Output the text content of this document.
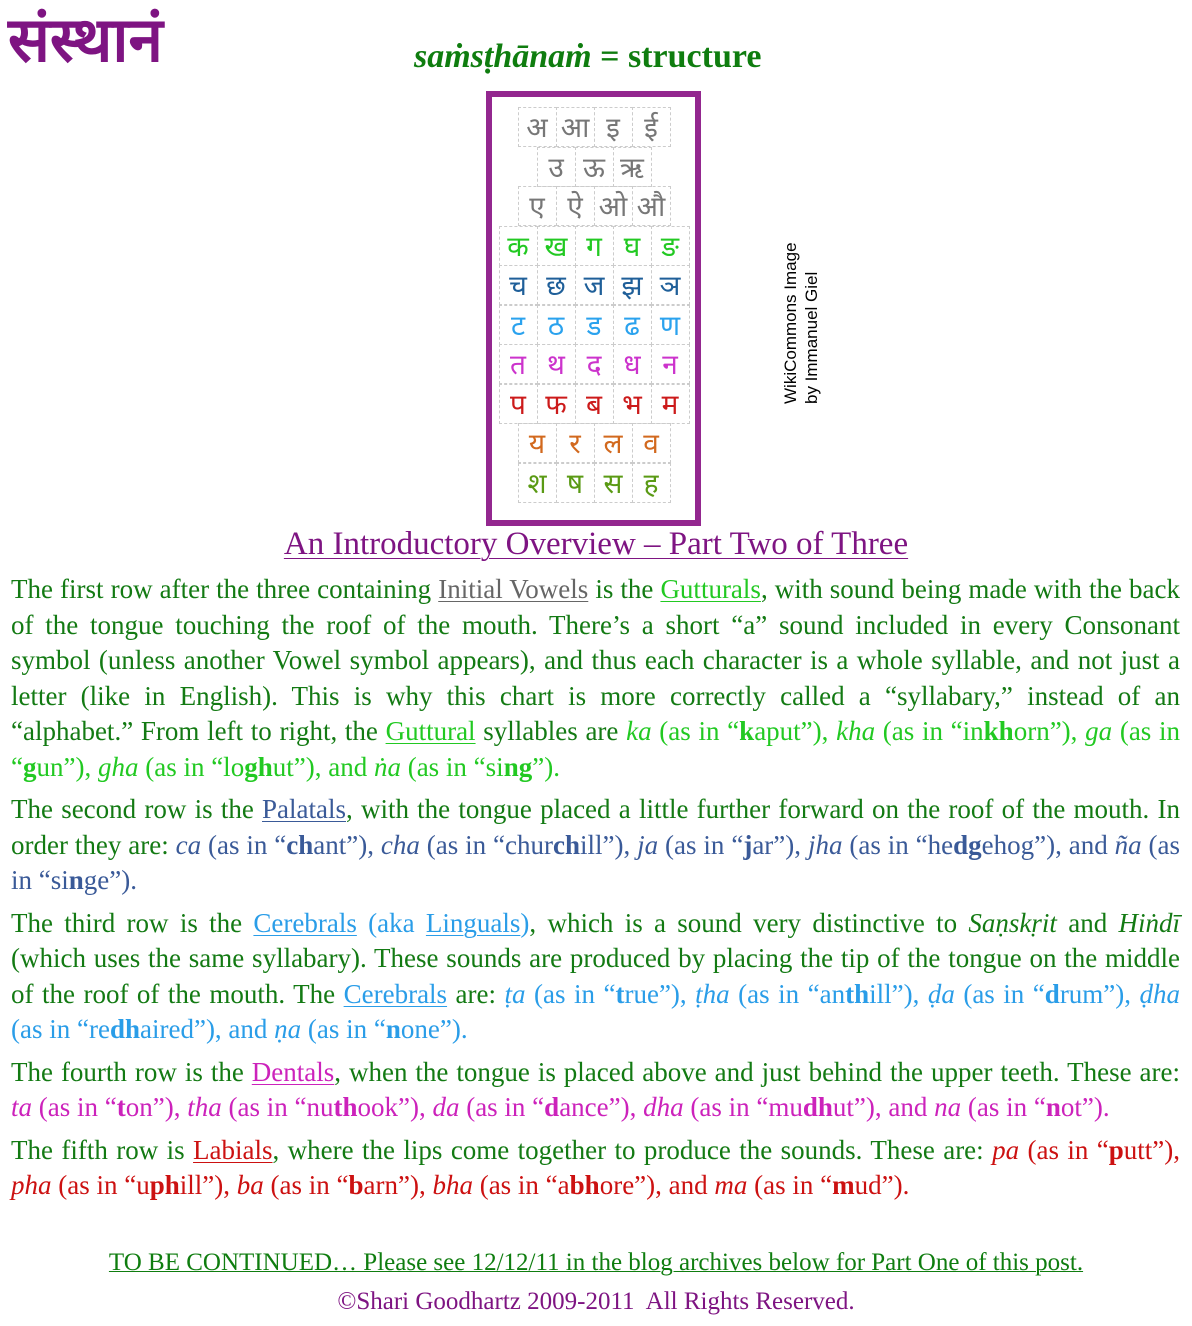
संस्थानं	saṁsṭhānaṁ = structure
अ आ इ ई
उ ऊ ऋ
ए ऐ ओ औ
क ख ग घ ङ
च छ ज झ ञ
ट ठ ड ढ ण
त थ द ध न
प फ ब भ म
य र ल व
श ष स ह
WikiCommons Image by Immanuel Giel
An Introductory Overview – Part Two of Three

The first row after the three containing Initial Vowels is the Gutturals, with sound being made with the back of the tongue touching the roof of the mouth. There’s a short “a” sound included in every Consonant symbol (unless another Vowel symbol appears), and thus each character is a whole syllable, and not just a letter (like in English). This is why this chart is more correctly called a “syllabary,” instead of an “alphabet.” From left to right, the Guttural syllables are ka (as in “kaput”), kha (as in “inkhorn”), ga (as in “gun”), gha (as in “loghut”), and ṅa (as in “sing”).

The second row is the Palatals, with the tongue placed a little further forward on the roof of the mouth. In order they are: ca (as in “chant”), cha (as in “churchill”), ja (as in “jar”), jha (as in “hedgehog”), and ña (as in “singe”).

The third row is the Cerebrals (aka Linguals), which is a sound very distinctive to Saṇskṛit and Hiṅdī (which uses the same syllabary). These sounds are produced by placing the tip of the tongue on the middle of the roof of the mouth. The Cerebrals are: ṭa (as in “true”), ṭha (as in “anthill”), ḍa (as in “drum”), ḍha (as in “redhaired”), and ṇa (as in “none”).

The fourth row is the Dentals, when the tongue is placed above and just behind the upper teeth. These are: ta (as in “ton”), tha (as in “nuthook”), da (as in “dance”), dha (as in “mudhut”), and na (as in “not”).

The fifth row is Labials, where the lips come together to produce the sounds. These are: pa (as in “putt”), pha (as in “uphill”), ba (as in “barn”), bha (as in “abhore”), and ma (as in “mud”).

TO BE CONTINUED… Please see 12/12/11 in the blog archives below for Part One of this post.
©Shari Goodhartz 2009-2011  All Rights Reserved.
